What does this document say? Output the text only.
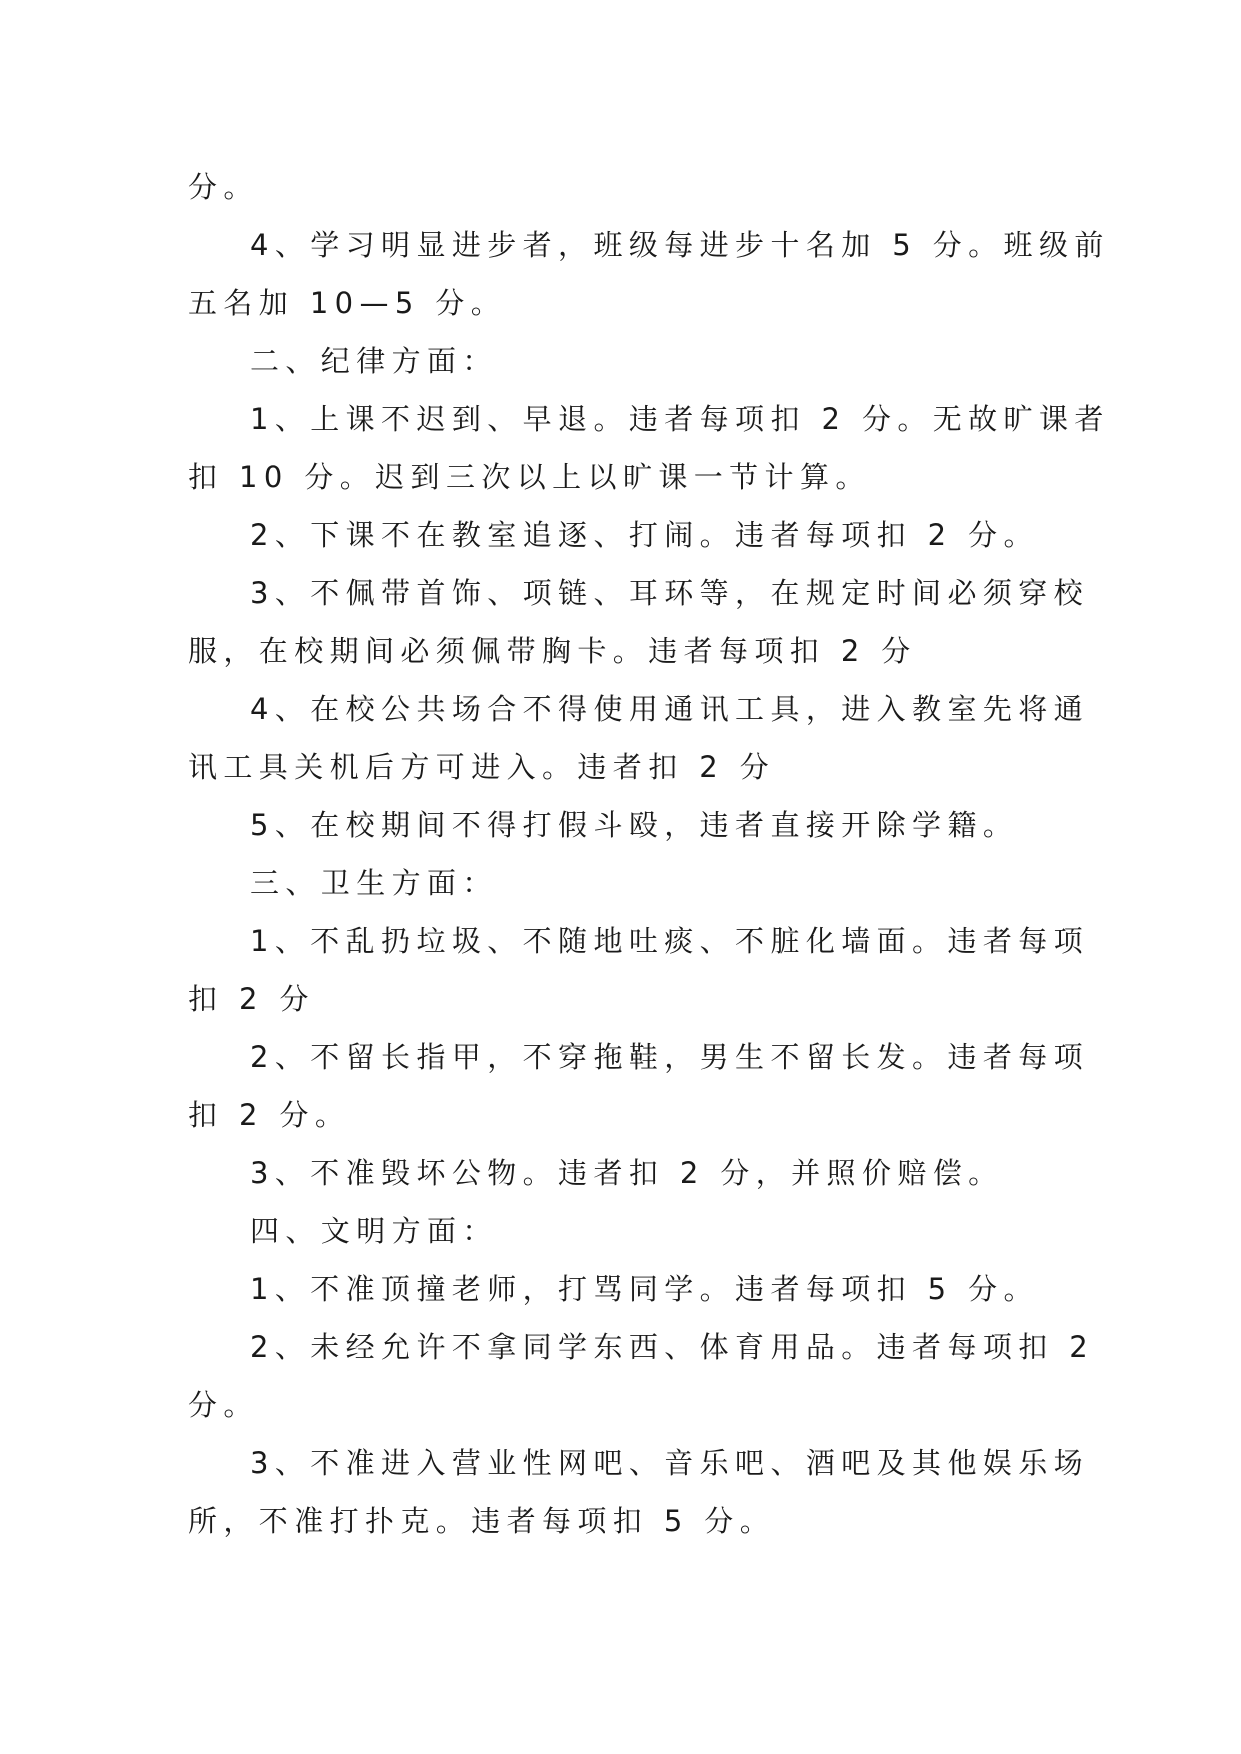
分。
4、学习明显进步者，班级每进步十名加 5 分。班级前
五名加 10—5 分。
二、纪律方面：
1、上课不迟到、早退。违者每项扣 2 分。无故旷课者
扣 10 分。迟到三次以上以旷课一节计算。
2、下课不在教室追逐、打闹。违者每项扣 2 分。
3、不佩带首饰、项链、耳环等，在规定时间必须穿校
服，在校期间必须佩带胸卡。违者每项扣 2 分
4、在校公共场合不得使用通讯工具，进入教室先将通
讯工具关机后方可进入。违者扣 2 分
5、在校期间不得打假斗殴，违者直接开除学籍。
三、卫生方面：
1、不乱扔垃圾、不随地吐痰、不脏化墙面。违者每项
扣 2 分
2、不留长指甲，不穿拖鞋，男生不留长发。违者每项
扣 2 分。
3、不准毁坏公物。违者扣 2 分，并照价赔偿。
四、文明方面：
1、不准顶撞老师，打骂同学。违者每项扣 5 分。
2、未经允许不拿同学东西、体育用品。违者每项扣 2
分。
3、不准进入营业性网吧、音乐吧、酒吧及其他娱乐场
所，不准打扑克。违者每项扣 5 分。
